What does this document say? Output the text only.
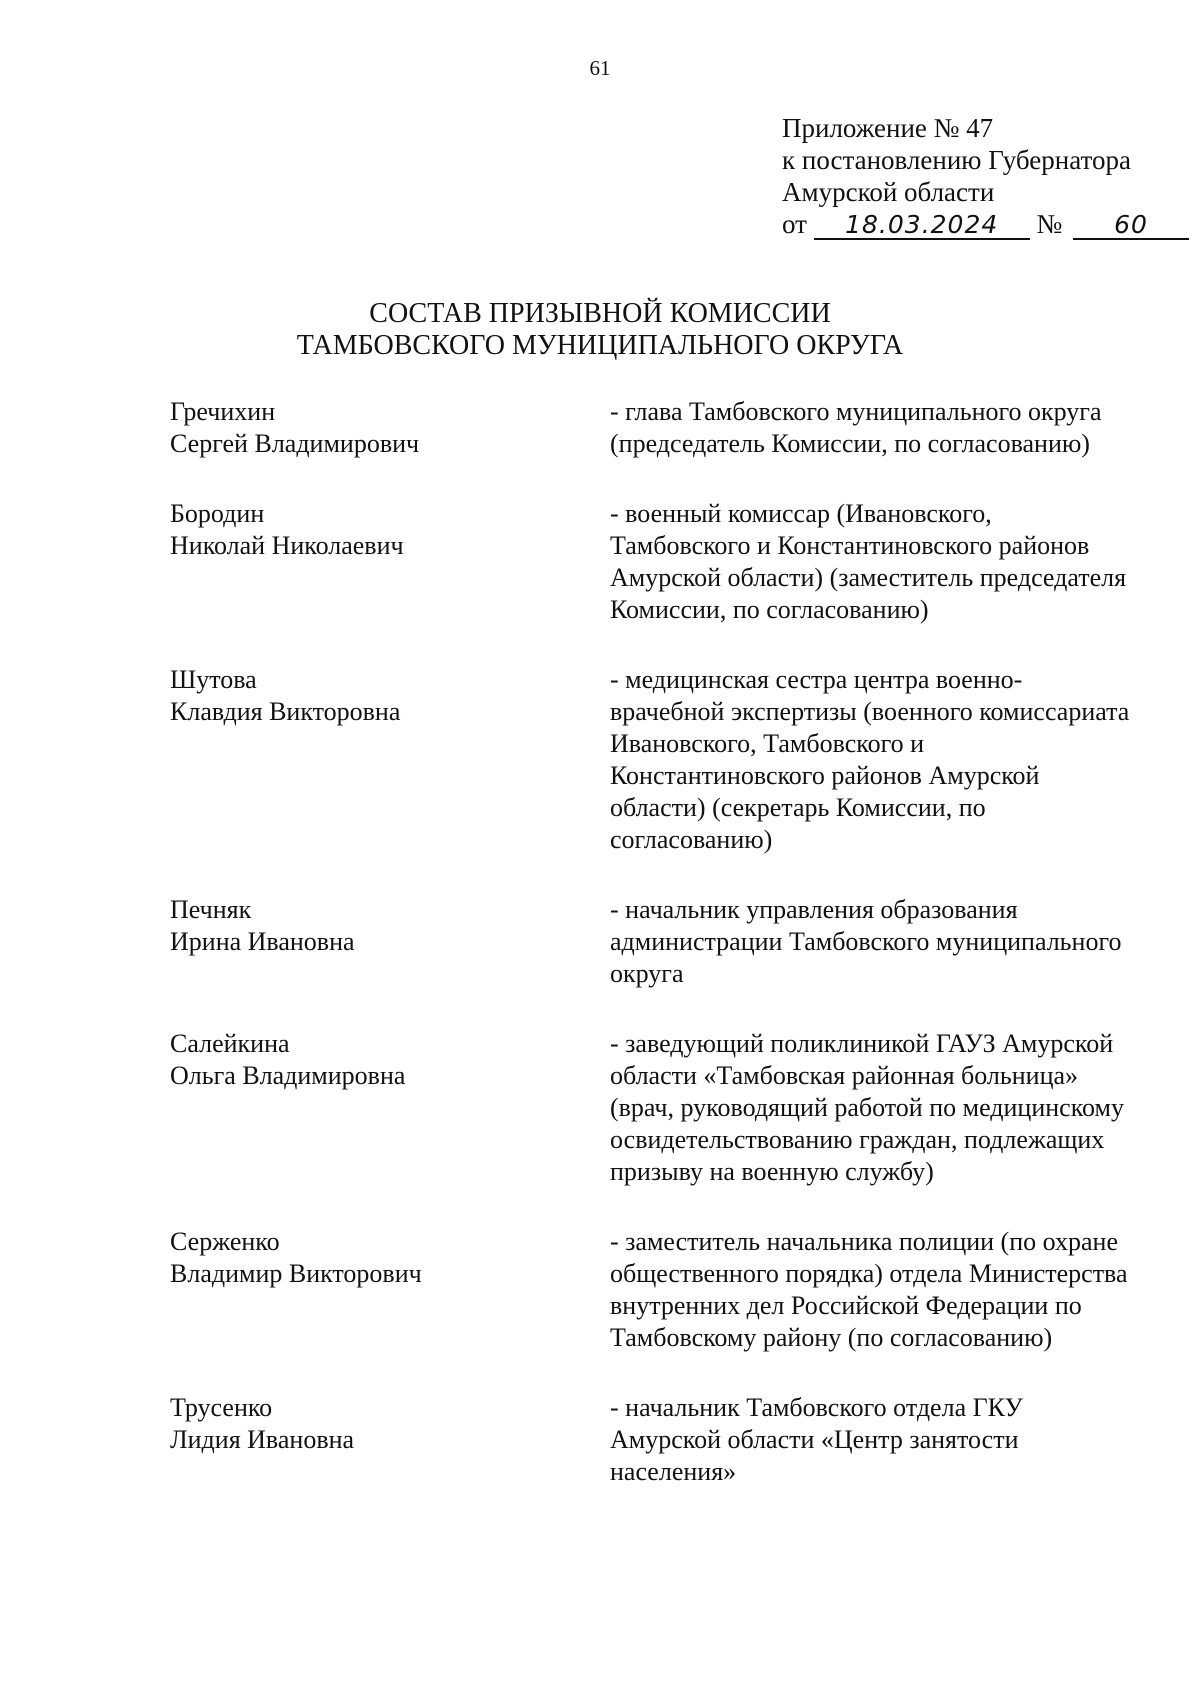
61
Приложение № 47
к постановлению Губернатора
Амурской области
от 18.03.2024 № 60
СОСТАВ ПРИЗЫВНОЙ КОМИССИИ
ТАМБОВСКОГО МУНИЦИПАЛЬНОГО ОКРУГА
Гречихин
Сергей Владимирович
- глава Тамбовского муниципального округа (председатель Комиссии, по согласованию)
Бородин
Николай Николаевич
- военный комиссар (Ивановского, Тамбовского и Константиновского районов Амурской области) (заместитель председателя Комиссии, по согласованию)
Шутова
Клавдия Викторовна
- медицинская сестра центра военно-врачебной экспертизы (военного комиссариата Ивановского, Тамбовского и Константиновского районов Амурской области) (секретарь Комиссии, по согласованию)
Печняк
Ирина Ивановна
- начальник управления образования администрации Тамбовского муниципального округа
Салейкина
Ольга Владимировна
- заведующий поликлиникой ГАУЗ Амурской области «Тамбовская районная больница» (врач, руководящий работой по медицинскому освидетельствованию граждан, подлежащих призыву на военную службу)
Серженко
Владимир Викторович
- заместитель начальника полиции (по охране общественного порядка) отдела Министерства внутренних дел Российской Федерации по Тамбовскому району (по согласованию)
Трусенко
Лидия Ивановна
- начальник Тамбовского отдела ГКУ Амурской области «Центр занятости населения»
